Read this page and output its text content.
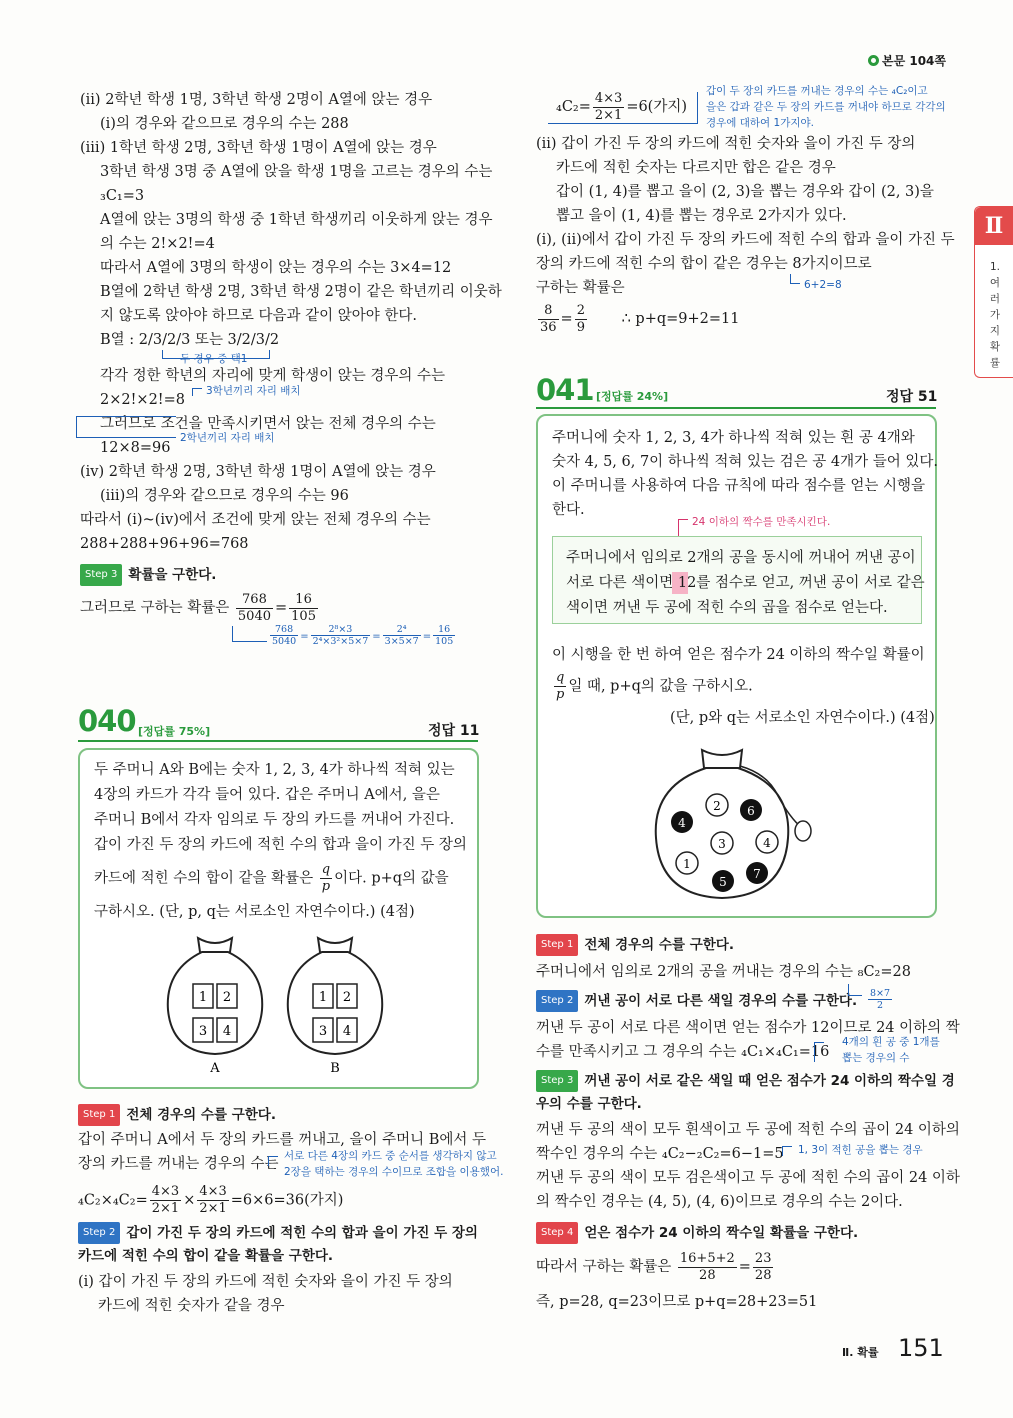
본문 104쪽
Ⅱ
1.
여
러
가
지
확
률
(ⅱ) 2학년 학생 1명, 3학년 학생 2명이 A열에 앉는 경우
(ⅰ)의 경우와 같으므로 경우의 수는 288
(ⅲ) 1학년 학생 2명, 3학년 학생 1명이 A열에 앉는 경우
3학년 학생 3명 중 A열에 앉을 학생 1명을 고르는 경우의 수는
₃C₁=3
A열에 앉는 3명의 학생 중 1학년 학생끼리 이웃하게 앉는 경우
의 수는 2!×2!=4
따라서 A열에 3명의 학생이 앉는 경우의 수는 3×4=12
B열에 2학년 학생 2명, 3학년 학생 2명이 같은 학년끼리 이웃하
지 않도록 앉아야 하므로 다음과 같이 앉아야 한다.
B열 : 2/3/2/3 또는 3/2/3/2
두 경우 중 택1
각각 정한 학년의 자리에 맞게 학생이 앉는 경우의 수는
2×2!×2!=8
3학년끼리 자리 배치
그러므로 조건을 만족시키면서 앉는 전체 경우의 수는
12×8=96
2학년끼리 자리 배치
(ⅳ) 2학년 학생 2명, 3학년 학생 1명이 A열에 앉는 경우
(ⅲ)의 경우와 같으므로 경우의 수는 96
따라서 (ⅰ)~(ⅳ)에서 조건에 맞게 앉는 전체 경우의 수는
288+288+96+96=768
Step 3 확률을 구한다.
그러므로 구하는 확률은 $\frac{768}{5040} = \frac{16}{105}$
$\frac{768}{5040} = \frac{\text{2⁸×3}}{\text{2⁴×3²×5×7}} = \frac{\text{2⁴}}{3\times 5\times 7} = \frac{16}{105}$
040 [정답률 75%]	정답 11
두 주머니 A와 B에는 숫자 1, 2, 3, 4가 하나씩 적혀 있는
4장의 카드가 각각 들어 있다. 갑은 주머니 A에서, 을은
주머니 B에서 각자 임의로 두 장의 카드를 꺼내어 가진다.
갑이 가진 두 장의 카드에 적힌 수의 합과 을이 가진 두 장의
카드에 적힌 수의 합이 같을 확률은 $\frac{q}{p}$ 이다. p+q의 값을
구하시오. (단, p, q는 서로소인 자연수이다.) (4점)
1 2
3 4
1 2
3 4
A	B
Step 1 전체 경우의 수를 구한다.
갑이 주머니 A에서 두 장의 카드를 꺼내고, 을이 주머니 B에서 두
장의 카드를 꺼내는 경우의 수는 서로 다른 4장의 카드 중 순서를 생각하지 않고
2장을 택하는 경우의 수이므로 조합을 이용했어.
$_4C_2\times_4C_2= \frac{4\times 3}{2\times 1} \times \frac{4\times 3}{2\times 1} =6\times 6=36$(가지)
Step 2 갑이 가진 두 장의 카드에 적힌 수의 합과 을이 가진 두 장의
카드에 적힌 수의 합이 같을 확률을 구한다.
(ⅰ) 갑이 가진 두 장의 카드에 적힌 숫자와 을이 가진 두 장의
카드에 적힌 숫자가 같을 경우
$_4C_2= \frac{4\times 3}{2\times 1} =6$(가지)
갑이 두 장의 카드를 꺼내는 경우의 수는 ₄C₂이고
을은 갑과 같은 두 장의 카드를 꺼내야 하므로 각각의
경우에 대하여 1가지야.
(ⅱ) 갑이 가진 두 장의 카드에 적힌 숫자와 을이 가진 두 장의
카드에 적힌 숫자는 다르지만 합은 같은 경우
갑이 (1, 4)를 뽑고 을이 (2, 3)을 뽑는 경우와 갑이 (2, 3)을
뽑고 을이 (1, 4)를 뽑는 경우로 2가지가 있다.
(ⅰ), (ⅱ)에서 갑이 가진 두 장의 카드에 적힌 수의 합과 을이 가진 두
장의 카드에 적힌 수의 합이 같은 경우는 8가지이므로
구하는 확률은	6+2=8
$\frac{8}{36} = \frac{2}{9}$ ∴ p+q=9+2=11
041 [정답률 24%]	정답 51
주머니에 숫자 1, 2, 3, 4가 하나씩 적혀 있는 흰 공 4개와
숫자 4, 5, 6, 7이 하나씩 적혀 있는 검은 공 4개가 들어 있다.
이 주머니를 사용하여 다음 규칙에 따라 점수를 얻는 시행을
한다.
24 이하의 짝수를 만족시킨다.
주머니에서 임의로 2개의 공을 동시에 꺼내어 꺼낸 공이
서로 다른 색이면 12를 점수로 얻고, 꺼낸 공이 서로 같은
색이면 꺼낸 두 공에 적힌 수의 곱을 점수로 얻는다.
이 시행을 한 번 하여 얻은 점수가 24 이하의 짝수일 확률이
$\frac{q}{p}$ 일 때, p+q의 값을 구하시오.
(단, p와 q는 서로소인 자연수이다.) (4점)
2 6
4
3	4
1
7
5
Step 1 전체 경우의 수를 구한다.
주머니에서 임의로 2개의 공을 꺼내는 경우의 수는 ₈C₂=28
Step 2 꺼낸 공이 서로 다른 색일 경우의 수를 구한다. $\frac{8\times 7}{2}$
꺼낸 두 공이 서로 다른 색이면 얻는 점수가 12이므로 24 이하의 짝
수를 만족시키고 그 경우의 수는 ₄C₁×₄C₁=16
4개의 흰 공 중 1개를
뽑는 경우의 수
Step 3 꺼낸 공이 서로 같은 색일 때 얻은 점수가 24 이하의 짝수일 경
우의 수를 구한다.
꺼낸 두 공의 색이 모두 흰색이고 두 공에 적힌 수의 곱이 24 이하의
짝수인 경우의 수는 ₄C₂−₂C₂=6−1=5 1, 3이 적힌 공을 뽑는 경우
꺼낸 두 공의 색이 모두 검은색이고 두 공에 적힌 수의 곱이 24 이하
의 짝수인 경우는 (4, 5), (4, 6)이므로 경우의 수는 2이다.
Step 4 얻은 점수가 24 이하의 짝수일 확률을 구한다.
따라서 구하는 확률은 $\frac{16+5+2}{28} = \frac{23}{28}$
즉, p=28, q=23이므로 p+q=28+23=51
Ⅱ. 확률 151
